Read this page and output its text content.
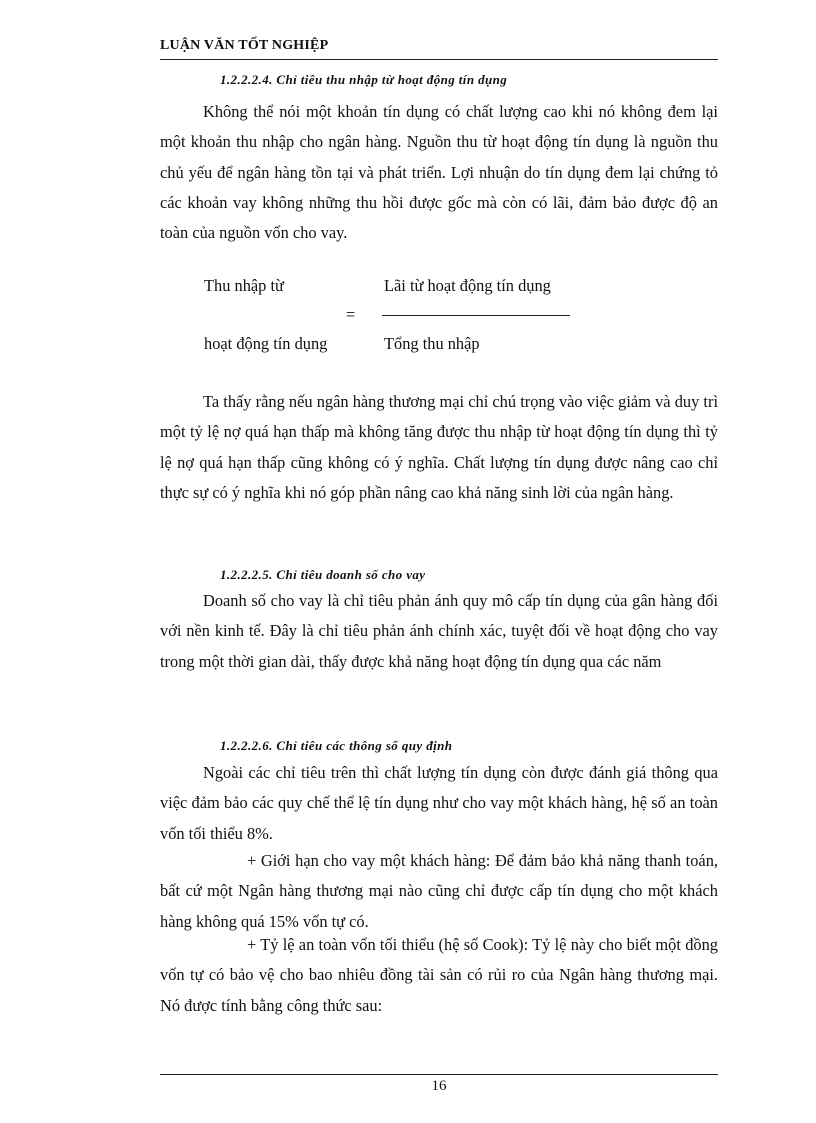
LUẬN VĂN TỐT NGHIỆP
1.2.2.2.4. Chỉ tiêu thu nhập từ hoạt động tín dụng

Không thể nói một khoản tín dụng có chất lượng cao khi nó không đem lại một khoản thu nhập cho ngân hàng. Nguồn thu từ hoạt động tín dụng là nguồn thu chủ yếu để ngân hàng tồn tại và phát triển. Lợi nhuận do tín dụng đem lại chứng tỏ các khoản vay không những thu hồi được gốc mà còn có lãi, đảm bảo được độ an toàn của nguồn vốn cho vay.

Thu nhập từ	Lãi từ hoạt động tín dụng
=
hoạt động tín dụng	Tổng thu nhập

Ta thấy rằng nếu ngân hàng thương mại chỉ chú trọng vào việc giảm và duy trì một tỷ lệ nợ quá hạn thấp mà không tăng được thu nhập từ hoạt động tín dụng thì tỷ lệ nợ quá hạn thấp cũng không có ý nghĩa. Chất lượng tín dụng được nâng cao chỉ thực sự có ý nghĩa khi nó góp phần nâng cao khả năng sinh lời của ngân hàng.

1.2.2.2.5. Chỉ tiêu doanh số cho vay

Doanh số cho vay là chỉ tiêu phản ánh quy mô cấp tín dụng của gân hàng đối với nền kinh tế. Đây là chỉ tiêu phản ánh chính xác, tuyệt đối về hoạt động cho vay trong một thời gian dài, thấy được khả năng hoạt động tín dụng qua các năm

1.2.2.2.6. Chỉ tiêu các thông số quy định

Ngoài các chỉ tiêu trên thì chất lượng tín dụng còn được đánh giá thông qua việc đảm bảo các quy chế thể lệ tín dụng như cho vay một khách hàng, hệ số an toàn vốn tối thiểu 8%.

+ Giới hạn cho vay một khách hàng: Để đảm bảo khả năng thanh toán, bất cứ một Ngân hàng thương mại nào cũng chỉ được cấp tín dụng cho một khách hàng không quá 15% vốn tự có.

+ Tỷ lệ an toàn vốn tối thiểu (hệ số Cook): Tỷ lệ này cho biết một đồng vốn tự có bảo vệ cho bao nhiêu đồng tài sản có rủi ro của Ngân hàng thương mại. Nó được tính bằng công thức sau:

16
